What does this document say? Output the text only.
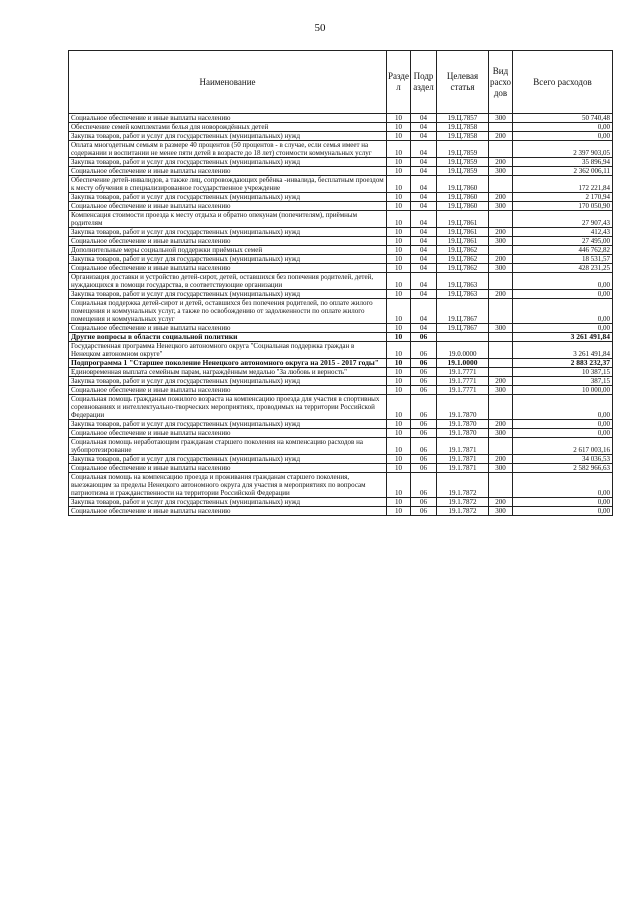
50
Наименование	Разде л	Подр аздел	Целевая статья	Вид расхо дов	Всего расходов
Социальное обеспечение и иные выплаты населению	10	04	19.Ц.7857	300	50 740,48
Обеспечение семей комплектами белья для новорождённых детей	10	04	19.Ц.7858		0,00
Закупка товаров, работ и услуг для государственных (муниципальных) нужд	10	04	19.Ц.7858	200	0,00
Оплата многодетным семьям в размере 40 процентов (50 процентов - в случае, если семья имеет на содержании и воспитании не менее пяти детей в возрасте до 18 лет) стоимости коммунальных услуг	10	04	19.Ц.7859		2 397 903,05
Закупка товаров, работ и услуг для государственных (муниципальных) нужд	10	04	19.Ц.7859	200	35 896,94
Социальное обеспечение и иные выплаты населению	10	04	19.Ц.7859	300	2 362 006,11
Обеспечение детей-инвалидов, а также лиц, сопровождающих ребёнка -инвалида, бесплатным проездом к месту обучения в специализированное государственное учреждение	10	04	19.Ц.7860		172 221,84
Закупка товаров, работ и услуг для государственных (муниципальных) нужд	10	04	19.Ц.7860	200	2 170,94
Социальное обеспечение и иные выплаты населению	10	04	19.Ц.7860	300	170 050,90
Компенсация стоимости проезда к месту отдыха и обратно опекунам (попечителям), приёмным родителям	10	04	19.Ц.7861		27 907,43
Закупка товаров, работ и услуг для государственных (муниципальных) нужд	10	04	19.Ц.7861	200	412,43
Социальное обеспечение и иные выплаты населению	10	04	19.Ц.7861	300	27 495,00
Дополнительные меры социальной поддержки приёмных семей	10	04	19.Ц.7862		446 762,82
Закупка товаров, работ и услуг для государственных (муниципальных) нужд	10	04	19.Ц.7862	200	18 531,57
Социальное обеспечение и иные выплаты населению	10	04	19.Ц.7862	300	428 231,25
Организация доставки и устройство детей-сирот, детей, оставшихся без попечения родителей, детей, нуждающихся в помощи государства, в соответствующие организации	10	04	19.Ц.7863		0,00
Закупка товаров, работ и услуг для государственных (муниципальных) нужд	10	04	19.Ц.7863	200	0,00
Социальная поддержка детей-сирот и детей, оставшихся без попечения родителей, по оплате жилого помещения и коммунальных услуг, а также по освобождению от задолженности по оплате жилого помещения и коммунальных услуг	10	04	19.Ц.7867		0,00
Социальное обеспечение и иные выплаты населению	10	04	19.Ц.7867	300	0,00
Другие вопросы в области социальной политики	10	06			3 261 491,84
Государственная программа Ненецкого автономного округа "Социальная поддержка граждан в Ненецком автономном округе"	10	06	19.0.0000		3 261 491,84
Подпрограмма 1 "Старшее поколение Ненецкого автономного округа на 2015 - 2017 годы"	10	06	19.1.0000		2 883 232,37
Единовременная выплата семейным парам, награждённым медалью "За любовь и верность"	10	06	19.1.7771		10 387,15
Закупка товаров, работ и услуг для государственных (муниципальных) нужд	10	06	19.1.7771	200	387,15
Социальное обеспечение и иные выплаты населению	10	06	19.1.7771	300	10 000,00
Социальная помощь гражданам пожилого возраста на компенсацию проезда для участия в спортивных соревнованиях и интеллектуально-творческих мероприятиях, проводимых на территории Российской Федерации	10	06	19.1.7870		0,00
Закупка товаров, работ и услуг для государственных (муниципальных) нужд	10	06	19.1.7870	200	0,00
Социальное обеспечение и иные выплаты населению	10	06	19.1.7870	300	0,00
Социальная помощь неработающим гражданам старшего поколения на компенсацию расходов на зубопротезирование	10	06	19.1.7871		2 617 003,16
Закупка товаров, работ и услуг для государственных (муниципальных) нужд	10	06	19.1.7871	200	34 036,53
Социальное обеспечение и иные выплаты населению	10	06	19.1.7871	300	2 582 966,63
Социальная помощь на компенсацию проезда и проживания гражданам старшего поколения, выезжающим за пределы Ненецкого автономного округа для участия в мероприятиях по вопросам патриотизма и гражданственности на территории Российской Федерации	10	06	19.1.7872		0,00
Закупка товаров, работ и услуг для государственных (муниципальных) нужд	10	06	19.1.7872	200	0,00
Социальное обеспечение и иные выплаты населению	10	06	19.1.7872	300	0,00
